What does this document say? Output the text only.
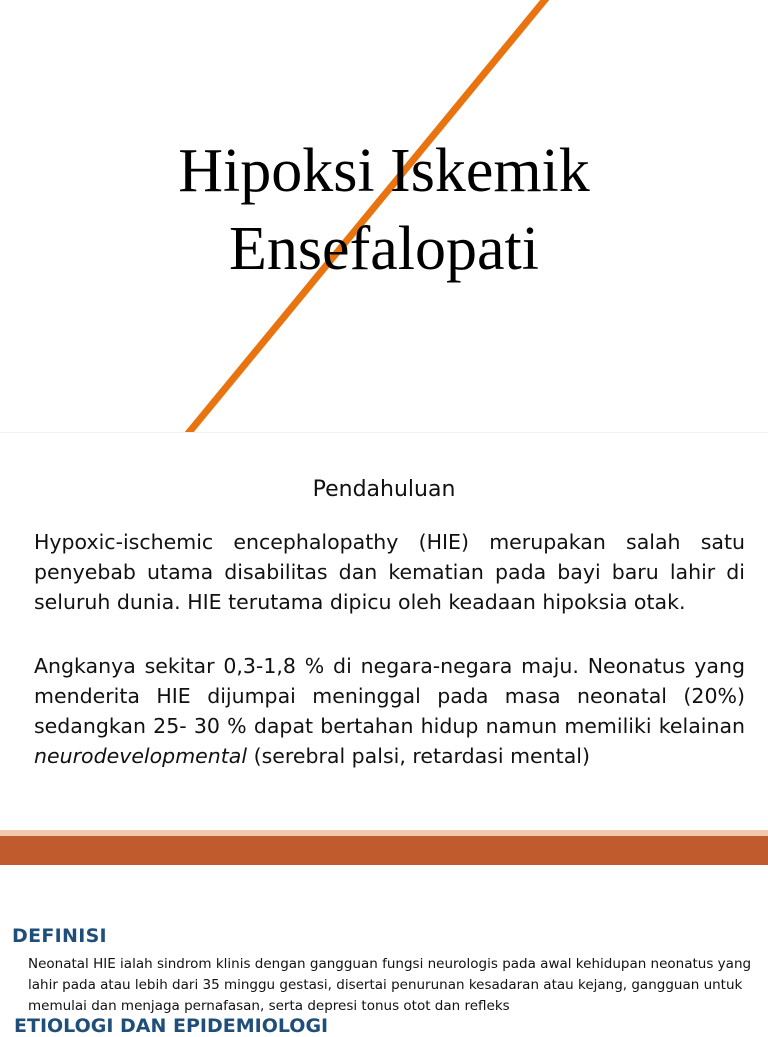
Hipoksi Iskemik
Ensefalopati
Pendahuluan

Hypoxic-ischemic encephalopathy (HIE) merupakan salah satu penyebab utama disabilitas dan kematian pada bayi baru lahir di seluruh dunia. HIE terutama dipicu oleh keadaan hipoksia otak.

Angkanya sekitar 0,3-1,8 % di negara-negara maju. Neonatus yang menderita HIE dijumpai meninggal pada masa neonatal (20%) sedangkan 25- 30 % dapat bertahan hidup namun memiliki kelainan neurodevelopmental (serebral palsi, retardasi mental)

DEFINISI

Neonatal HIE ialah sindrom klinis dengan gangguan fungsi neurologis pada awal kehidupan neonatus yang lahir pada atau lebih dari 35 minggu gestasi, disertai penurunan kesadaran atau kejang, gangguan untuk memulai dan menjaga pernafasan, serta depresi tonus otot dan refleks

ETIOLOGI DAN EPIDEMIOLOGI
